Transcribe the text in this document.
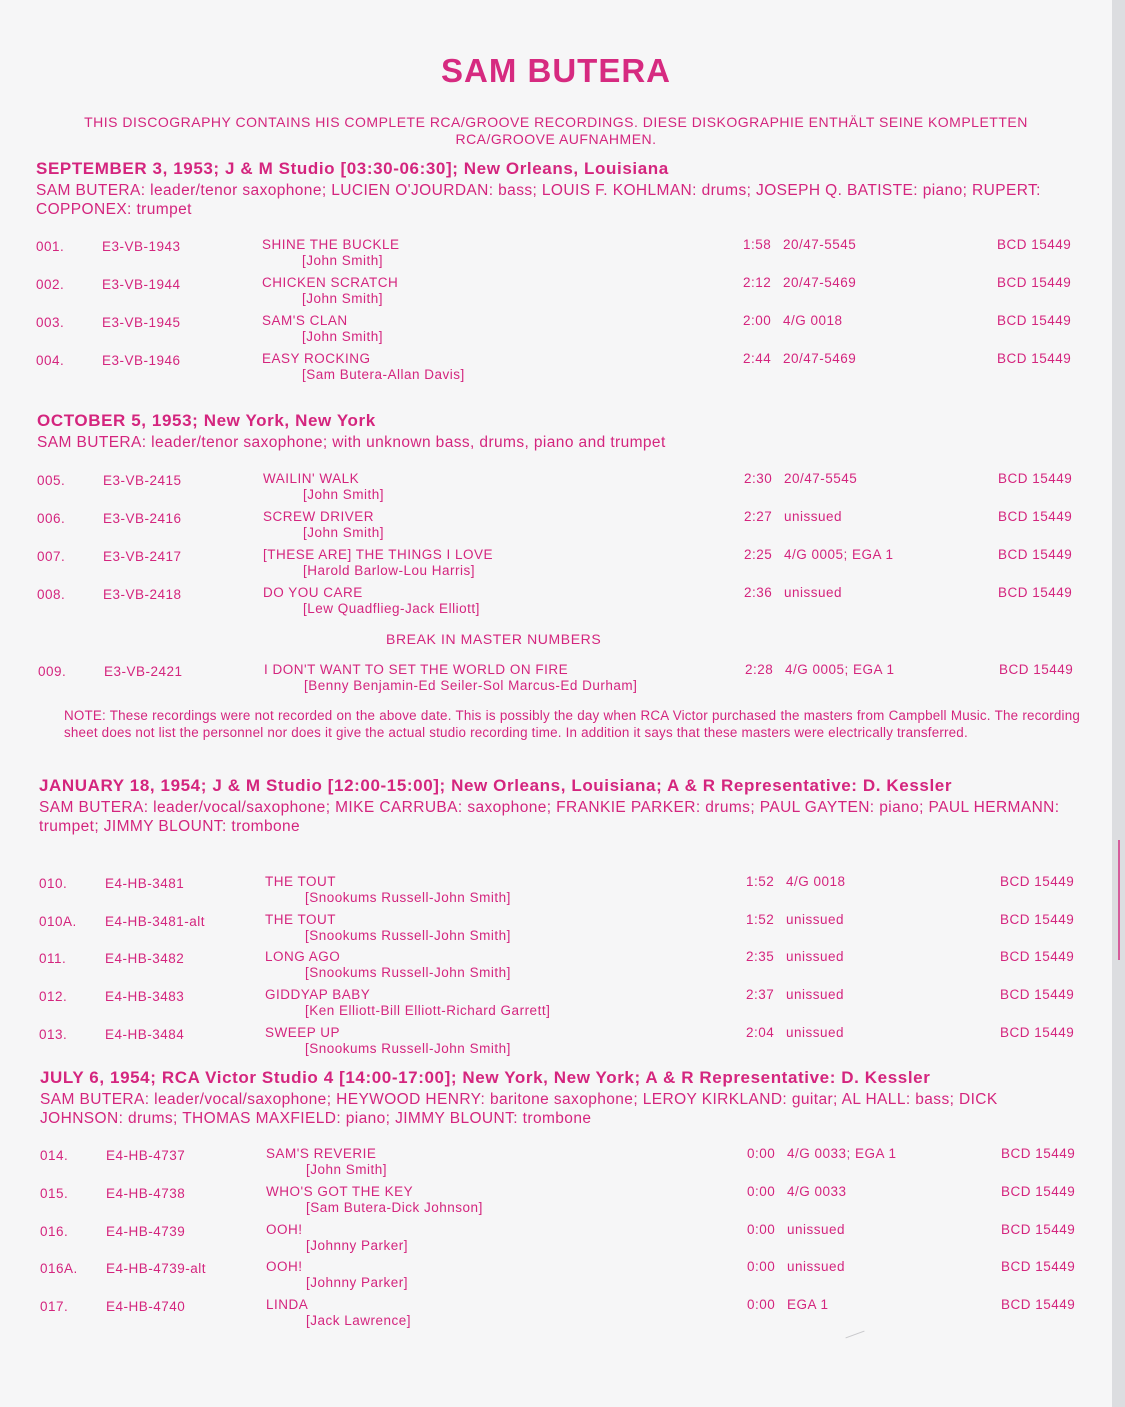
SAM BUTERA
THIS DISCOGRAPHY CONTAINS HIS COMPLETE RCA/GROOVE RECORDINGS. DIESE DISKOGRAPHIE ENTHÄLT SEINE KOMPLETTEN
RCA/GROOVE AUFNAHMEN.
SEPTEMBER 3, 1953; J & M Studio [03:30-06:30]; New Orleans, Louisiana
SAM BUTERA: leader/tenor saxophone; LUCIEN O'JOURDAN: bass; LOUIS F. KOHLMAN: drums; JOSEPH Q. BATISTE: piano; RUPERT: COPPONEX: trumpet
001.	E3-VB-1943	SHINE THE BUCKLE
[John Smith]
1:58 20/47-5545	BCD 15449
002.	E3-VB-1944	CHICKEN SCRATCH
[John Smith]
2:12 20/47-5469	BCD 15449
003.	E3-VB-1945	SAM'S CLAN
[John Smith]
2:00 4/G 0018	BCD 15449
004.	E3-VB-1946	EASY ROCKING
[Sam Butera-Allan Davis]
2:44 20/47-5469	BCD 15449
OCTOBER 5, 1953; New York, New York
SAM BUTERA: leader/tenor saxophone; with unknown bass, drums, piano and trumpet
005.	E3-VB-2415	WAILIN' WALK
[John Smith]
2:30 20/47-5545	BCD 15449
006.	E3-VB-2416	SCREW DRIVER
[John Smith]
2:27 unissued	BCD 15449
007.	E3-VB-2417	[THESE ARE] THE THINGS I LOVE
[Harold Barlow-Lou Harris]
2:25 4/G 0005; EGA 1	BCD 15449
008.	E3-VB-2418	DO YOU CARE
[Lew Quadflieg-Jack Elliott]
2:36 unissued	BCD 15449
BREAK IN MASTER NUMBERS
009.	E3-VB-2421	I DON'T WANT TO SET THE WORLD ON FIRE
[Benny Benjamin-Ed Seiler-Sol Marcus-Ed Durham]
2:28 4/G 0005; EGA 1	BCD 15449
NOTE: These recordings were not recorded on the above date. This is possibly the day when RCA Victor purchased the masters from Campbell Music. The recording sheet does not list the personnel nor does it give the actual studio recording time. In addition it says that these masters were electrically transferred.
JANUARY 18, 1954; J & M Studio [12:00-15:00]; New Orleans, Louisiana; A & R Representative: D. Kessler
SAM BUTERA: leader/vocal/saxophone; MIKE CARRUBA: saxophone; FRANKIE PARKER: drums; PAUL GAYTEN: piano; PAUL HERMANN: trumpet; JIMMY BLOUNT: trombone
010.	E4-HB-3481	THE TOUT
[Snookums Russell-John Smith]
1:52 4/G 0018	BCD 15449
010A. E4-HB-3481-alt	THE TOUT
[Snookums Russell-John Smith]
1:52 unissued	BCD 15449
011.	E4-HB-3482	LONG AGO
[Snookums Russell-John Smith]
2:35 unissued	BCD 15449
012.	E4-HB-3483	GIDDYAP BABY
[Ken Elliott-Bill Elliott-Richard Garrett]
2:37 unissued	BCD 15449
013.	E4-HB-3484	SWEEP UP
[Snookums Russell-John Smith]
2:04 unissued	BCD 15449
JULY 6, 1954; RCA Victor Studio 4 [14:00-17:00]; New York, New York; A & R Representative: D. Kessler
SAM BUTERA: leader/vocal/saxophone; HEYWOOD HENRY: baritone saxophone; LEROY KIRKLAND: guitar; AL HALL: bass; DICK JOHNSON: drums; THOMAS MAXFIELD: piano; JIMMY BLOUNT: trombone
014.	E4-HB-4737	SAM'S REVERIE
[John Smith]
0:00 4/G 0033; EGA 1	BCD 15449
015.	E4-HB-4738	WHO'S GOT THE KEY
[Sam Butera-Dick Johnson]
0:00 4/G 0033	BCD 15449
016.	E4-HB-4739	OOH!
[Johnny Parker]
0:00 unissued	BCD 15449
016A. E4-HB-4739-alt	OOH!
[Johnny Parker]
0:00 unissued	BCD 15449
017.	E4-HB-4740	LINDA
[Jack Lawrence]
0:00 EGA 1	BCD 15449
